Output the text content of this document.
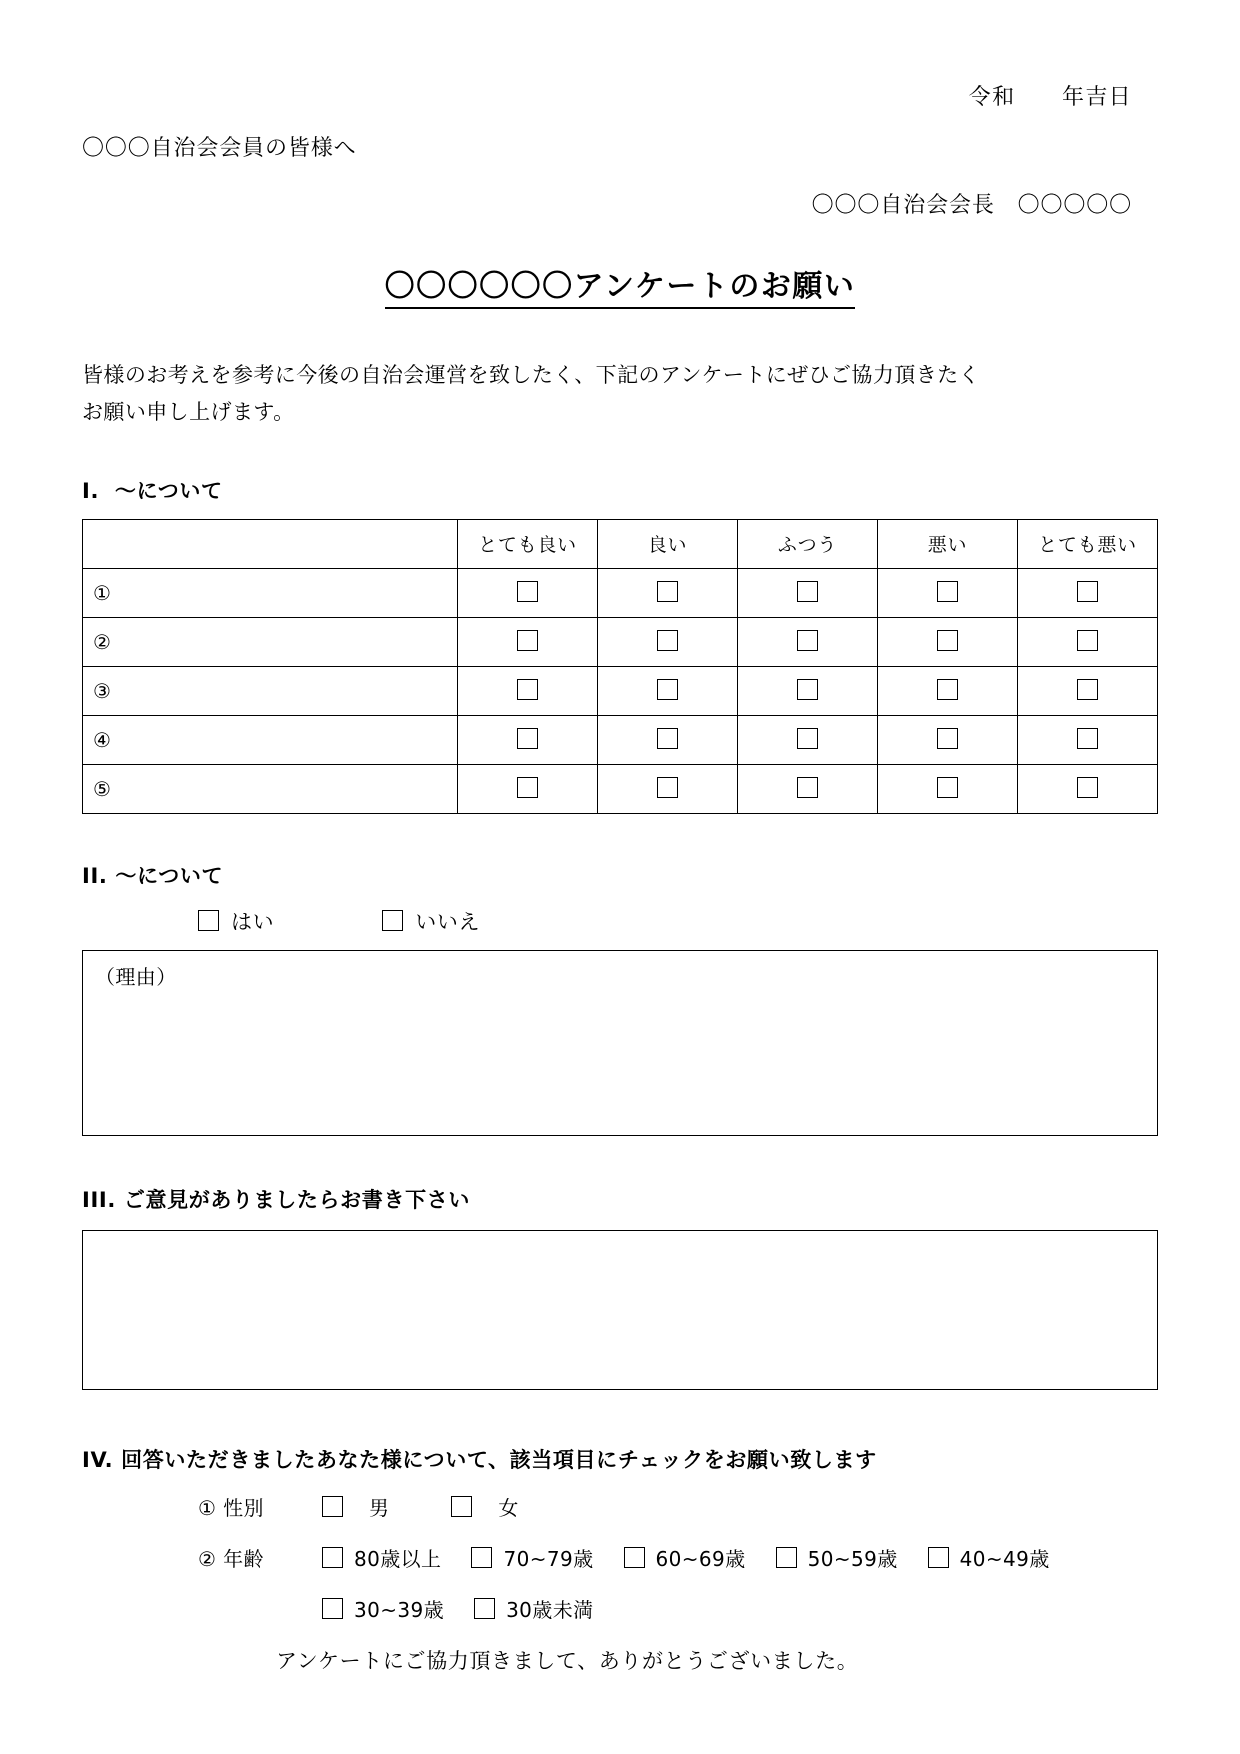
令和　　年吉日
〇〇〇自治会会員の皆様へ
〇〇〇自治会会長　〇〇〇〇〇
〇〇〇〇〇〇アンケートのお願い
皆様のお考えを参考に今後の自治会運営を致したく、下記のアンケートにぜひご協力頂きたく
お願い申し上げます。
I.  〜について
	とても良い	良い	ふつう	悪い	とても悪い
①					
②					
③					
④					
⑤					
II. 〜について
はい	いいえ
（理由）
III. ご意見がありましたらお書き下さい
IV. 回答いただきましたあなた様について、該当項目にチェックをお願い致します
① 性別	男	女
② 年齢	80歳以上	70~79歳	60~69歳	50~59歳	40~49歳
30~39歳	30歳未満
アンケートにご協力頂きまして、ありがとうございました。
